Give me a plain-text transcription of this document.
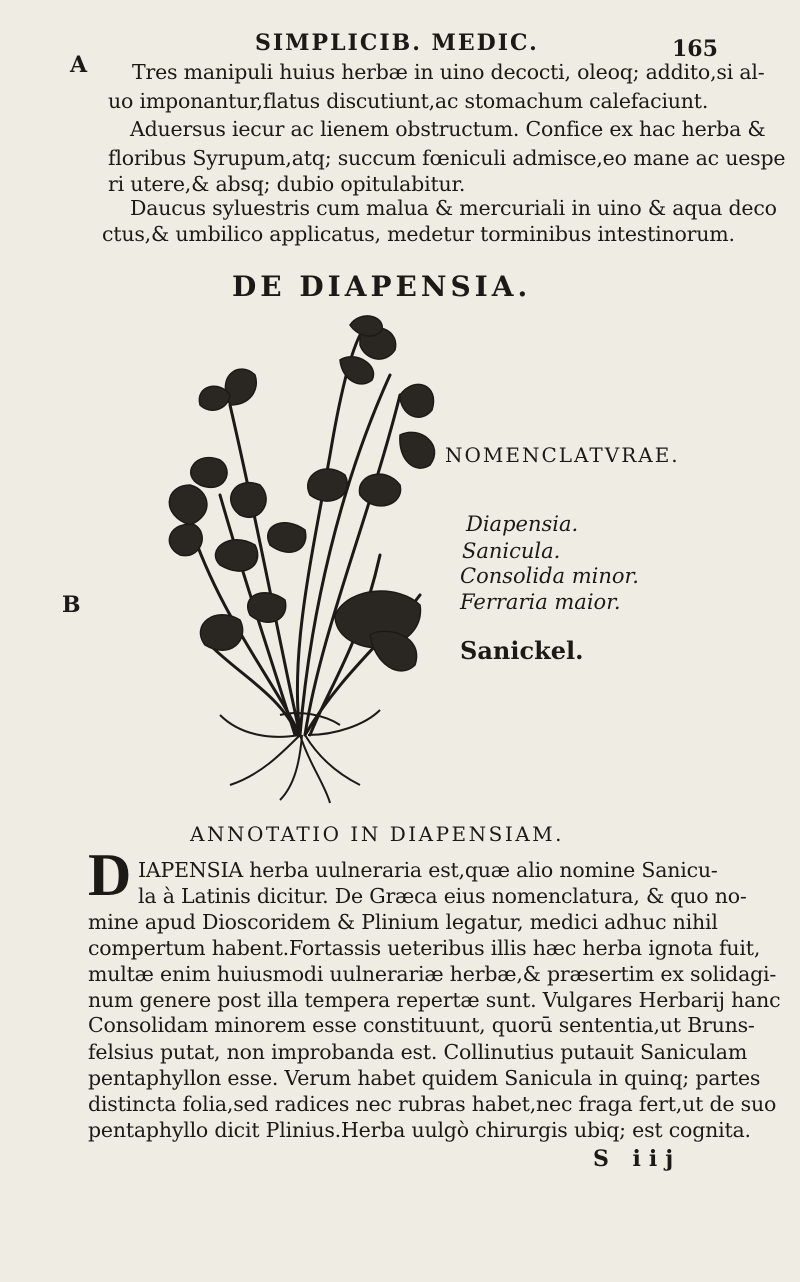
SIMPLICIB. MEDIC.	165
A
B
Tres manipuli huius herbæ in uino decocti, oleoq; addito,si al-
uo imponantur,flatus discutiunt,ac stomachum calefaciunt.
Aduersus iecur ac lienem obstructum. Confice ex hac herba &
floribus Syrupum,atq; succum fœniculi admisce,eo mane ac uespe
ri utere,& absq; dubio opitulabitur.
Daucus syluestris cum malua & mercuriali in uino & aqua deco
ctus,& umbilico applicatus, medetur torminibus intestinorum.
DE DIAPENSIA.
NOMENCLATVRAE.
Diapensia.
Sanicula.
Consolida minor.
Ferraria maior.
Sanickel.
ANNOTATIO IN DIAPENSIAM.
D IAPENSIA herba uulneraria est,quæ alio nomine Sanicu-
la à Latinis dicitur. De Græca eius nomenclatura, & quo no-
mine apud Dioscoridem & Plinium legatur, medici adhuc nihil
compertum habent.Fortassis ueteribus illis hæc herba ignota fuit,
multæ enim huiusmodi uulnerariæ herbæ,& præsertim ex solidagi-
num genere post illa tempera repertæ sunt. Vulgares Herbarij hanc
Consolidam minorem esse constituunt, quorū sententia,ut Bruns-
felsius putat, non improbanda est. Collinutius putauit Saniculam
pentaphyllon esse. Verum habet quidem Sanicula in quinq; partes
distincta folia,sed radices nec rubras habet,nec fraga fert,ut de suo
pentaphyllo dicit Plinius.Herba uulgò chirurgis ubiq; est cognita.
S iij
